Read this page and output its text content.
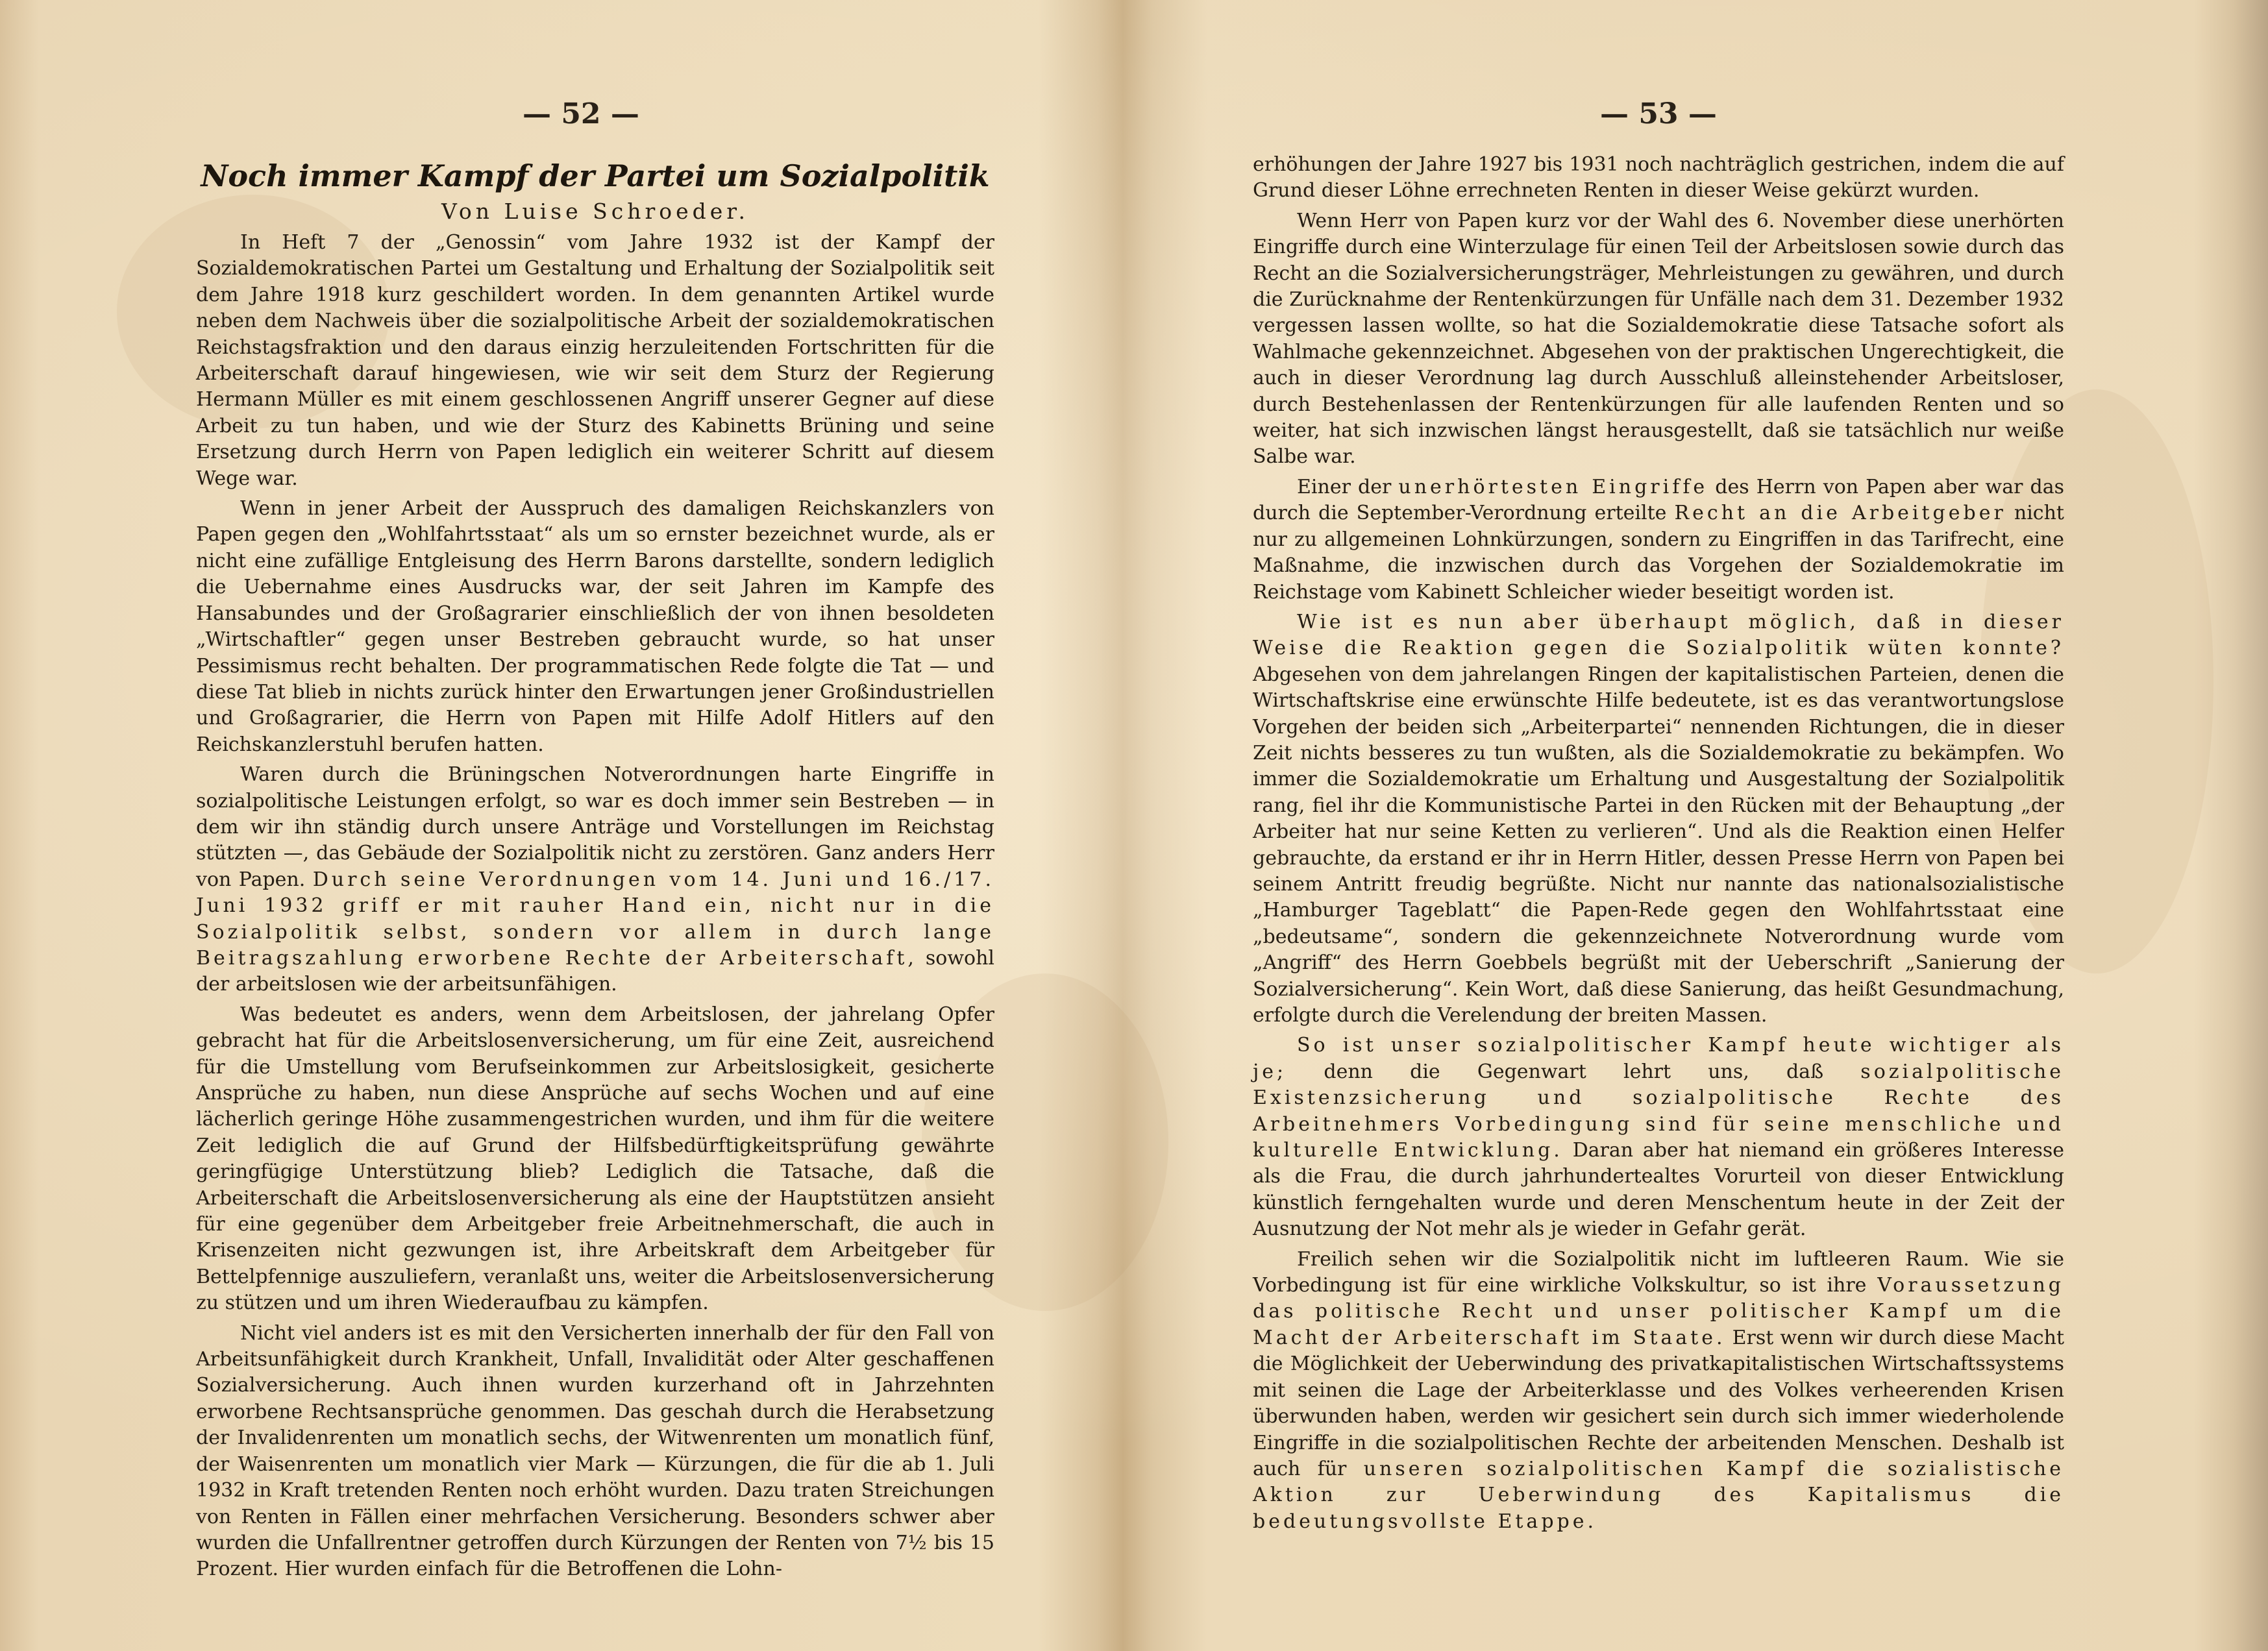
— 52 —
Noch immer Kampf der Partei um Sozialpolitik
Von Luise Schroeder.

In Heft 7 der „Genossin“ vom Jahre 1932 ist der Kampf der Sozialdemokratischen Partei um Gestaltung und Erhaltung der Sozialpolitik seit dem Jahre 1918 kurz geschildert worden. In dem genannten Artikel wurde neben dem Nachweis über die sozialpolitische Arbeit der sozialdemokratischen Reichstagsfraktion und den daraus einzig herzuleitenden Fortschritten für die Arbeiterschaft darauf hingewiesen, wie wir seit dem Sturz der Regierung Hermann Müller es mit einem geschlossenen Angriff unserer Gegner auf diese Arbeit zu tun haben, und wie der Sturz des Kabinetts Brüning und seine Ersetzung durch Herrn von Papen lediglich ein weiterer Schritt auf diesem Wege war.

Wenn in jener Arbeit der Ausspruch des damaligen Reichskanzlers von Papen gegen den „Wohlfahrtsstaat“ als um so ernster bezeichnet wurde, als er nicht eine zufällige Entgleisung des Herrn Barons darstellte, sondern lediglich die Uebernahme eines Ausdrucks war, der seit Jahren im Kampfe des Hansabundes und der Großagrarier einschließlich der von ihnen besoldeten „Wirtschaftler“ gegen unser Bestreben gebraucht wurde, so hat unser Pessimismus recht behalten. Der programmatischen Rede folgte die Tat — und diese Tat blieb in nichts zurück hinter den Erwartungen jener Großindustriellen und Großagrarier, die Herrn von Papen mit Hilfe Adolf Hitlers auf den Reichskanzlerstuhl berufen hatten.

Waren durch die Brüningschen Notverordnungen harte Eingriffe in sozialpolitische Leistungen erfolgt, so war es doch immer sein Bestreben — in dem wir ihn ständig durch unsere Anträge und Vorstellungen im Reichstag stützten —, das Gebäude der Sozialpolitik nicht zu zerstören. Ganz anders Herr von Papen. Durch seine Verordnungen vom 14. Juni und 16./17. Juni 1932 griff er mit rauher Hand ein, nicht nur in die Sozialpolitik selbst, sondern vor allem in durch lange Beitragszahlung erworbene Rechte der Arbeiterschaft, sowohl der arbeitslosen wie der arbeitsunfähigen.

Was bedeutet es anders, wenn dem Arbeitslosen, der jahrelang Opfer gebracht hat für die Arbeitslosenversicherung, um für eine Zeit, ausreichend für die Umstellung vom Berufseinkommen zur Arbeitslosigkeit, gesicherte Ansprüche zu haben, nun diese Ansprüche auf sechs Wochen und auf eine lächerlich geringe Höhe zusammengestrichen wurden, und ihm für die weitere Zeit lediglich die auf Grund der Hilfsbedürftigkeitsprüfung gewährte geringfügige Unterstützung blieb? Lediglich die Tatsache, daß die Arbeiterschaft die Arbeitslosenversicherung als eine der Hauptstützen ansieht für eine gegenüber dem Arbeitgeber freie Arbeitnehmerschaft, die auch in Krisenzeiten nicht gezwungen ist, ihre Arbeitskraft dem Arbeitgeber für Bettelpfennige auszuliefern, veranlaßt uns, weiter die Arbeitslosenversicherung zu stützen und um ihren Wiederaufbau zu kämpfen.

Nicht viel anders ist es mit den Versicherten innerhalb der für den Fall von Arbeitsunfähigkeit durch Krankheit, Unfall, Invalidität oder Alter geschaffenen Sozialversicherung. Auch ihnen wurden kurzerhand oft in Jahrzehnten erworbene Rechtsansprüche genommen. Das geschah durch die Herabsetzung der Invalidenrenten um monatlich sechs, der Witwenrenten um monatlich fünf, der Waisenrenten um monatlich vier Mark — Kürzungen, die für die ab 1. Juli 1932 in Kraft tretenden Renten noch erhöht wurden. Dazu traten Streichungen von Renten in Fällen einer mehrfachen Versicherung. Besonders schwer aber wurden die Unfallrentner getroffen durch Kürzungen der Renten von 7½ bis 15 Prozent. Hier wurden einfach für die Betroffenen die Lohn-

— 53 —

erhöhungen der Jahre 1927 bis 1931 noch nachträglich gestrichen, indem die auf Grund dieser Löhne errechneten Renten in dieser Weise gekürzt wurden.

Wenn Herr von Papen kurz vor der Wahl des 6. November diese unerhörten Eingriffe durch eine Winterzulage für einen Teil der Arbeitslosen sowie durch das Recht an die Sozialversicherungsträger, Mehrleistungen zu gewähren, und durch die Zurücknahme der Rentenkürzungen für Unfälle nach dem 31. Dezember 1932 vergessen lassen wollte, so hat die Sozialdemokratie diese Tatsache sofort als Wahlmache gekennzeichnet. Abgesehen von der praktischen Ungerechtigkeit, die auch in dieser Verordnung lag durch Ausschluß alleinstehender Arbeitsloser, durch Bestehenlassen der Rentenkürzungen für alle laufenden Renten und so weiter, hat sich inzwischen längst herausgestellt, daß sie tatsächlich nur weiße Salbe war.

Einer der unerhörtesten Eingriffe des Herrn von Papen aber war das durch die September-Verordnung erteilte Recht an die Arbeitgeber nicht nur zu allgemeinen Lohnkürzungen, sondern zu Eingriffen in das Tarifrecht, eine Maßnahme, die inzwischen durch das Vorgehen der Sozialdemokratie im Reichstage vom Kabinett Schleicher wieder beseitigt worden ist.

Wie ist es nun aber überhaupt möglich, daß in dieser Weise die Reaktion gegen die Sozialpolitik wüten konnte? Abgesehen von dem jahrelangen Ringen der kapitalistischen Parteien, denen die Wirtschaftskrise eine erwünschte Hilfe bedeutete, ist es das verantwortungslose Vorgehen der beiden sich „Arbeiterpartei“ nennenden Richtungen, die in dieser Zeit nichts besseres zu tun wußten, als die Sozialdemokratie zu bekämpfen. Wo immer die Sozialdemokratie um Erhaltung und Ausgestaltung der Sozialpolitik rang, fiel ihr die Kommunistische Partei in den Rücken mit der Behauptung „der Arbeiter hat nur seine Ketten zu verlieren“. Und als die Reaktion einen Helfer gebrauchte, da erstand er ihr in Herrn Hitler, dessen Presse Herrn von Papen bei seinem Antritt freudig begrüßte. Nicht nur nannte das nationalsozialistische „Hamburger Tageblatt“ die Papen-Rede gegen den Wohlfahrtsstaat eine „bedeutsame“, sondern die gekennzeichnete Notverordnung wurde vom „Angriff“ des Herrn Goebbels begrüßt mit der Ueberschrift „Sanierung der Sozialversicherung“. Kein Wort, daß diese Sanierung, das heißt Gesundmachung, erfolgte durch die Verelendung der breiten Massen.

So ist unser sozialpolitischer Kampf heute wichtiger als je; denn die Gegenwart lehrt uns, daß sozialpolitische Existenzsicherung und sozialpolitische Rechte des Arbeitnehmers Vorbedingung sind für seine menschliche und kulturelle Entwicklung. Daran aber hat niemand ein größeres Interesse als die Frau, die durch jahrhundertealtes Vorurteil von dieser Entwicklung künstlich ferngehalten wurde und deren Menschentum heute in der Zeit der Ausnutzung der Not mehr als je wieder in Gefahr gerät.

Freilich sehen wir die Sozialpolitik nicht im luftleeren Raum. Wie sie Vorbedingung ist für eine wirkliche Volkskultur, so ist ihre Voraussetzung das politische Recht und unser politischer Kampf um die Macht der Arbeiterschaft im Staate. Erst wenn wir durch diese Macht die Möglichkeit der Ueberwindung des privatkapitalistischen Wirtschaftssystems mit seinen die Lage der Arbeiterklasse und des Volkes verheerenden Krisen überwunden haben, werden wir gesichert sein durch sich immer wiederholende Eingriffe in die sozialpolitischen Rechte der arbeitenden Menschen. Deshalb ist auch für unseren sozialpolitischen Kampf die sozialistische Aktion zur Ueberwindung des Kapitalismus die bedeutungsvollste Etappe.
